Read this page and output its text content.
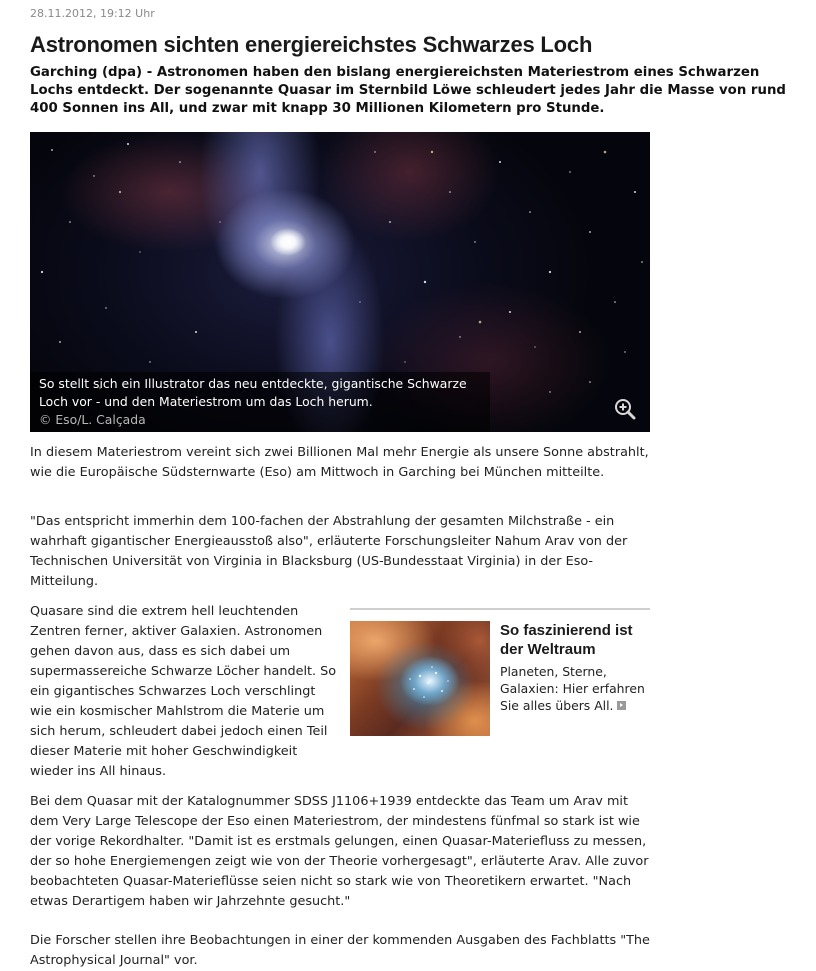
28.11.2012, 19:12 Uhr
Astronomen sichten energiereichstes Schwarzes Loch

Garching (dpa) - Astronomen haben den bislang energiereichsten Materiestrom eines Schwarzen Lochs entdeckt. Der sogenannte Quasar im Sternbild Löwe schleudert jedes Jahr die Masse von rund 400 Sonnen ins All, und zwar mit knapp 30 Millionen Kilometern pro Stunde.

So stellt sich ein Illustrator das neu entdeckte, gigantische Schwarze Loch vor - und den Materiestrom um das Loch herum.
© Eso/L. Calçada

In diesem Materiestrom vereint sich zwei Billionen Mal mehr Energie als unsere Sonne abstrahlt, wie die Europäische Südsternwarte (Eso) am Mittwoch in Garching bei München mitteilte.

"Das entspricht immerhin dem 100-fachen der Abstrahlung der gesamten Milchstraße - ein wahrhaft gigantischer Energieausstoß also", erläuterte Forschungsleiter Nahum Arav von der Technischen Universität von Virginia in Blacksburg (US-Bundesstaat Virginia) in der Eso-Mitteilung.

Quasare sind die extrem hell leuchtenden Zentren ferner, aktiver Galaxien. Astronomen gehen davon aus, dass es sich dabei um supermassereiche Schwarze Löcher handelt. So ein gigantisches Schwarzes Loch verschlingt wie ein kosmischer Mahlstrom die Materie um sich herum, schleudert dabei jedoch einen Teil dieser Materie mit hoher Geschwindigkeit wieder ins All hinaus.

So faszinierend ist der Weltraum

Planeten, Sterne, Galaxien: Hier erfahren Sie alles übers All.

Bei dem Quasar mit der Katalognummer SDSS J1106+1939 entdeckte das Team um Arav mit dem Very Large Telescope der Eso einen Materiestrom, der mindestens fünfmal so stark ist wie der vorige Rekordhalter. "Damit ist es erstmals gelungen, einen Quasar-Materiefluss zu messen, der so hohe Energiemengen zeigt wie von der Theorie vorhergesagt", erläuterte Arav. Alle zuvor beobachteten Quasar-Materieflüsse seien nicht so stark wie von Theoretikern erwartet. "Nach etwas Derartigem haben wir Jahrzehnte gesucht."

Die Forscher stellen ihre Beobachtungen in einer der kommenden Ausgaben des Fachblatts "The Astrophysical Journal" vor.
